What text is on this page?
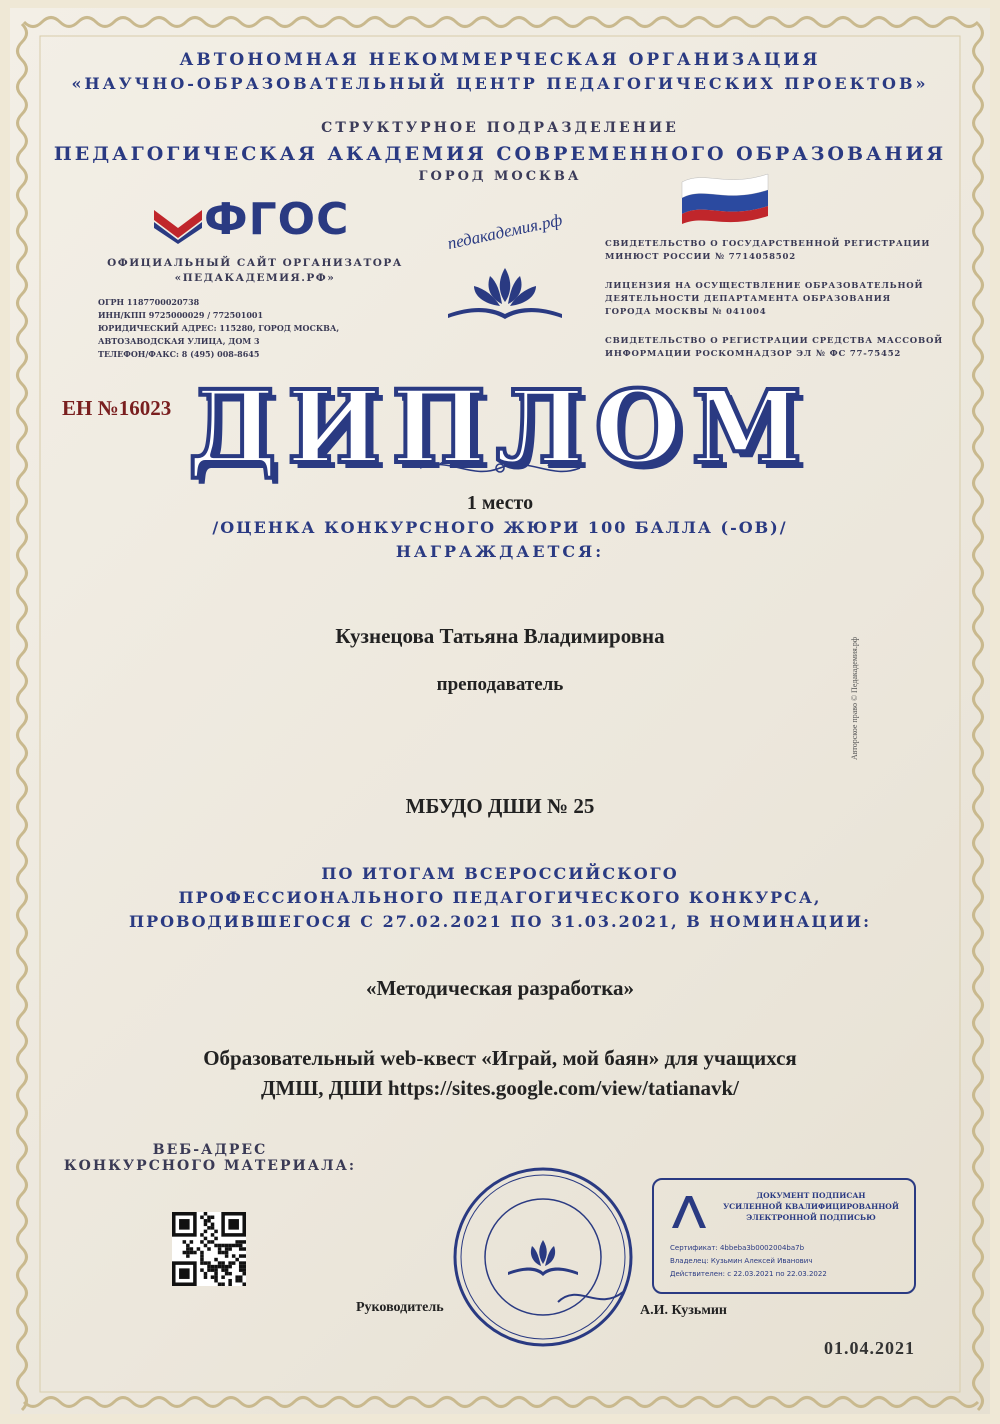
АВТОНОМНАЯ НЕКОММЕРЧЕСКАЯ ОРГАНИЗАЦИЯ
«НАУЧНО-ОБРАЗОВАТЕЛЬНЫЙ ЦЕНТР ПЕДАГОГИЧЕСКИХ ПРОЕКТОВ»
СТРУКТУРНОЕ ПОДРАЗДЕЛЕНИЕ
ПЕДАГОГИЧЕСКАЯ АКАДЕМИЯ СОВРЕМЕННОГО ОБРАЗОВАНИЯ
ГОРОД МОСКВА
ФГОС
ОФИЦИАЛЬНЫЙ САЙТ ОРГАНИЗАТОРА
«ПЕДАКАДЕМИЯ.РФ»
ОГРН 1187700020738
ИНН/КПП 9725000029 / 772501001
ЮРИДИЧЕСКИЙ АДРЕС: 115280, ГОРОД МОСКВА,
АВТОЗАВОДСКАЯ УЛИЦА, ДОМ 3
ТЕЛЕФОН/ФАКС: 8 (495) 008-8645
педакадемия.рф	СВИДЕТЕЛЬСТВО О ГОСУДАРСТВЕННОЙ РЕГИСТРАЦИИ
МИНЮСТ РОССИИ № 7714058502
ЛИЦЕНЗИЯ НА ОСУЩЕСТВЛЕНИЕ ОБРАЗОВАТЕЛЬНОЙ
ДЕЯТЕЛЬНОСТИ ДЕПАРТАМЕНТА ОБРАЗОВАНИЯ
ГОРОДА МОСКВЫ № 041004
СВИДЕТЕЛЬСТВО О РЕГИСТРАЦИИ СРЕДСТВА МАССОВОЙ
ИНФОРМАЦИИ РОСКОМНАДЗОР ЭЛ № ФС 77-75452
ЕН №16023 ДИПЛОМ
1 место
/ОЦЕНКА КОНКУРСНОГО ЖЮРИ 100 БАЛЛА (-ОВ)/
НАГРАЖДАЕТСЯ:
Кузнецова Татьяна Владимировна
преподаватель
МБУДО ДШИ № 25
ПО ИТОГАМ ВСЕРОССИЙСКОГО
ПРОФЕССИОНАЛЬНОГО ПЕДАГОГИЧЕСКОГО КОНКУРСА,
ПРОВОДИВШЕГОСЯ С 27.02.2021 ПО 31.03.2021, В НОМИНАЦИИ:
«Методическая разработка»
Образовательный web-квест «Играй, мой баян» для учащихся
ДМШ, ДШИ https://sites.google.com/view/tatianavk/
ВЕБ-АДРЕС
КОНКУРСНОГО МАТЕРИАЛА:
Руководитель	А.И. Кузьмин
ДОКУМЕНТ ПОДПИСАН
УСИЛЕННОЙ КВАЛИФИЦИРОВАННОЙ
ЭЛЕКТРОННОЙ ПОДПИСЬЮ
Сертификат: 4bbeba3b0002004ba7b
Владелец: Кузьмин Алексей Иванович
Действителен: с 22.03.2021 по 22.03.2022
01.04.2021
Авторское право © Педакадемия.рф
